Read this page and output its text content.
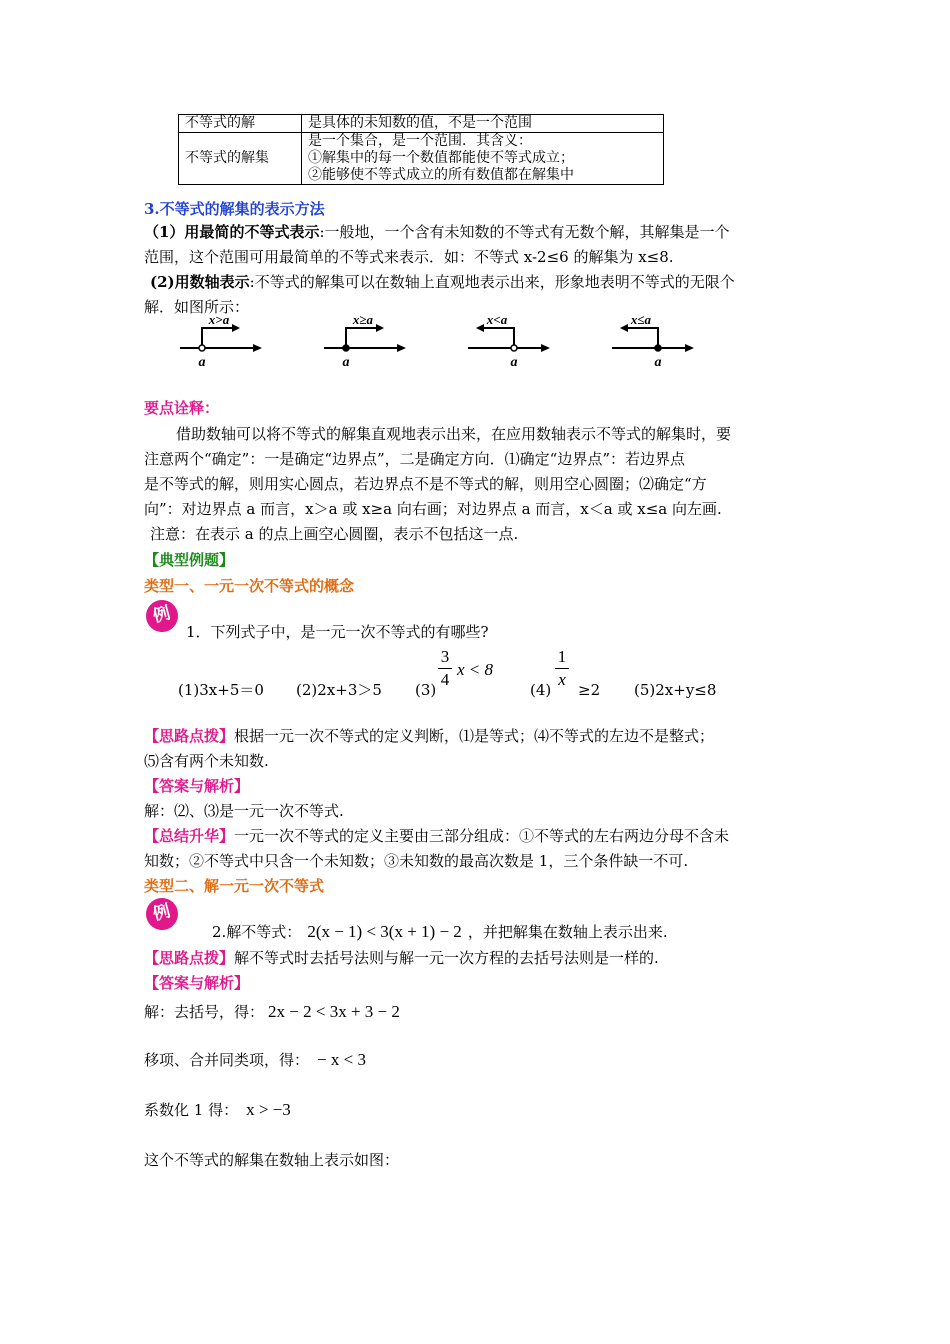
不等式的解	是具体的未知数的值，不是一个范围
不等式的解集	是一个集合，是一个范围．其含义：
①解集中的每一个数值都能使不等式成立；
②能够使不等式成立的所有数值都在解集中
3.不等式的解集的表示方法
（1）用最简的不等式表示:一般地，一个含有未知数的不等式有无数个解，其解集是一个
范围，这个范围可用最简单的不等式来表示．如：不等式 x-2≤6 的解集为 x≤8.
(2)用数轴表示:不等式的解集可以在数轴上直观地表示出来，形象地表明不等式的无限个
解．如图所示：
x>a
a
x≥a
a
x<a
a
x≤a
a
要点诠释：
借助数轴可以将不等式的解集直观地表示出来，在应用数轴表示不等式的解集时，要
注意两个“确定”：一是确定“边界点”，二是确定方向．⑴确定“边界点”：若边界点
是不等式的解，则用实心圆点，若边界点不是不等式的解，则用空心圆圈；⑵确定“方
向”：对边界点 a 而言，x＞a 或 x≥a 向右画；对边界点 a 而言，x＜a 或 x≤a 向左画.
注意：在表示 a 的点上画空心圆圈，表示不包括这一点.
【典型例题】
类型一、一元一次不等式的概念
例
1．下列式子中，是一元一次不等式的有哪些?
(1)3x+5＝0 (2)2x+3＞5 (3)
3
4
x < 8
(4)
1
x
≥2 (5)2x+y≤8
【思路点拨】根据一元一次不等式的定义判断，⑴是等式；⑷不等式的左边不是整式；
⑸含有两个未知数.
【答案与解析】
解：⑵、⑶是一元一次不等式.
【总结升华】一元一次不等式的定义主要由三部分组成：①不等式的左右两边分母不含未
知数；②不等式中只含一个未知数；③未知数的最高次数是 1，三个条件缺一不可.
类型二、解一元一次不等式
例
2.解不等式： 2(x − 1) < 3(x + 1) − 2 ，并把解集在数轴上表示出来.
【思路点拨】解不等式时去括号法则与解一元一次方程的去括号法则是一样的.
【答案与解析】
解：去括号，得： 2x − 2 < 3x + 3 − 2
移项、合并同类项，得： − x < 3
系数化 1 得： x > −3
这个不等式的解集在数轴上表示如图：
